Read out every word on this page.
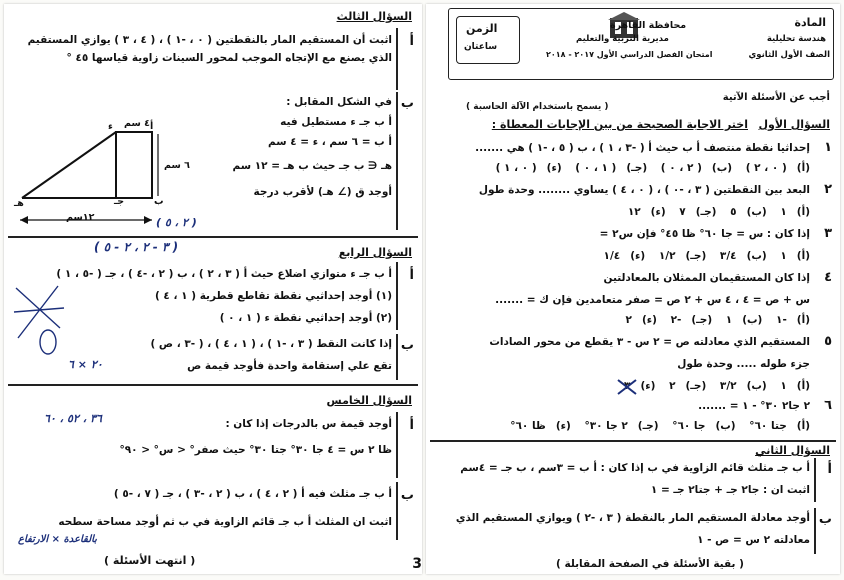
السؤال الثالث
أ
اثبت أن المستقيم المار بالنقطتين ( ٠ ، -١ ) ، ( ٤ ، ٣ ) يوازي المستقيم
الذي يصنع مع الإتجاه الموجب لمحور السينات زاوية قياسها ٤٥ °
ب
في الشكل المقابل :
أ ب جـ ء مستطيل فيه
أ ب = ٦ سم ، ء = ٤ سم
هـ ∈ ب جـ حيث ب هـ = ١٢ سم
أوجد ق (∠ هـ) لأقرب درجة
٤ سم
٦ سم
١٢سم
أ
ء
ب
جـ
هـ
( ٢ ، ٥ )
( ٣ - ٢ ، ٢ - ٥ )	السؤال الرابع
أ
أ ب جـ ء متوازي اضلاع حيث أ ( ٣ ، ٢ ) ، ب ( ٢ ، -٤ ) ، جـ ( -٥ ، ١ )
(١) أوجد إحداثيي نقطة تقاطع قطرية ( ١ ، ٤ )
(٢) أوجد إحداثيي نقطة ء ( ١ ، ٠ )
ب
إذا كانت النقط ( ٣ ، -١ ) ، ( ١ ، ٤ ) ، ( -٣ ، ص )
تقع علي إستقامة واحدة فأوجد قيمة ص
٢٠ × ٦
السؤال الخامس
أ
أوجد قيمة س بالدرجات إذا كان :
٣٦ ، ٥٢ ، ٦٠
ظا ٢ س = ٤ جا ٣٠° جتا ٣٠° حيث صفر° < س° < ٩٠°
ب
أ ب جـ مثلث فيه أ ( ٢ ، ٤ ) ، ب ( ٢ ، -٣ ) ، جـ ( ٧ ، -٥ )
اثبت ان المثلث أ ب جـ قائم الزاوية في ب ثم أوجد مساحة سطحه
بالقاعدة × الارتفاع
( انتهت الأسئلة )	3
الزمن
ساعتان
المادة
هندسة تحليلية
الصف الأول الثانوي
محافظة القاهرة
مديرية التربية والتعليم
امتحان الفصل الدراسي الأول ٢٠١٧ - ٢٠١٨
أجب عن الأسئلة الآتية
( يسمح باستخدام الآلة الحاسبة )
السؤال الأول
اختر الاجابة الصحيحة من بين الإجابات المعطاة :
١
إحداثيا نقطة منتصف أ ب حيث أ ( -٣ ، ١ ) ، ب ( ٥ ، -١ ) هي .......
(أ)( ٠ ، ٢ ) (ب)( ٢ ، ٠ ) (جـ)( ١ ، ٠ ) (ء)( ٠ ، ١ )
٢
البعد بين النقطتين ( ٣ ، -٠ ) ، ( ٠ ، ٤ ) يساوي ........ وحدة طول
(أ)١ (ب)٥ (جـ)٧ (ء)١٢
٣
إذا كان : س = جا ٦٠° ظا ٤٥° فإن س٢ =
(أ)١ (ب)٣/٤ (جـ)١/٢ (ء)١/٤
٤
إذا كان المستقيمان الممثلان بالمعادلتين
س + ص = ٤ ، ٤ س + ٢ ص = صفر متعامدين فإن ك = .......
(أ)-١ (ب)١ (جـ)-٢ (ء)٢
٥
المستقيم الذي معادلته ص = ٢ س - ٣ يقطع من محور الصادات
جزء طوله ..... وحدة طول
(أ)١ (ب)٣/٢ (جـ)٢ (ء)
٦
٢ جا٢ ٣٠° - ١ = .......
(أ)جتا ٦٠° (ب)جا ٦٠° (جـ)٢ جا ٣٠° (ء)ظا ٦٠°
السؤال الثاني
أ
أ ب جـ مثلث قائم الزاوية في ب إذا كان : أ ب = ٣سم ، ب جـ = ٤سم
اثبت ان : جا٢ جـ + جتا٢ جـ = ١
ب
أوجد معادلة المستقيم المار بالنقطة ( ٣ ، -٢ ) ويوازي المستقيم الذي
معادلته ٢ س = ص - ١
( بقية الأسئلة في الصفحة المقابلة )
